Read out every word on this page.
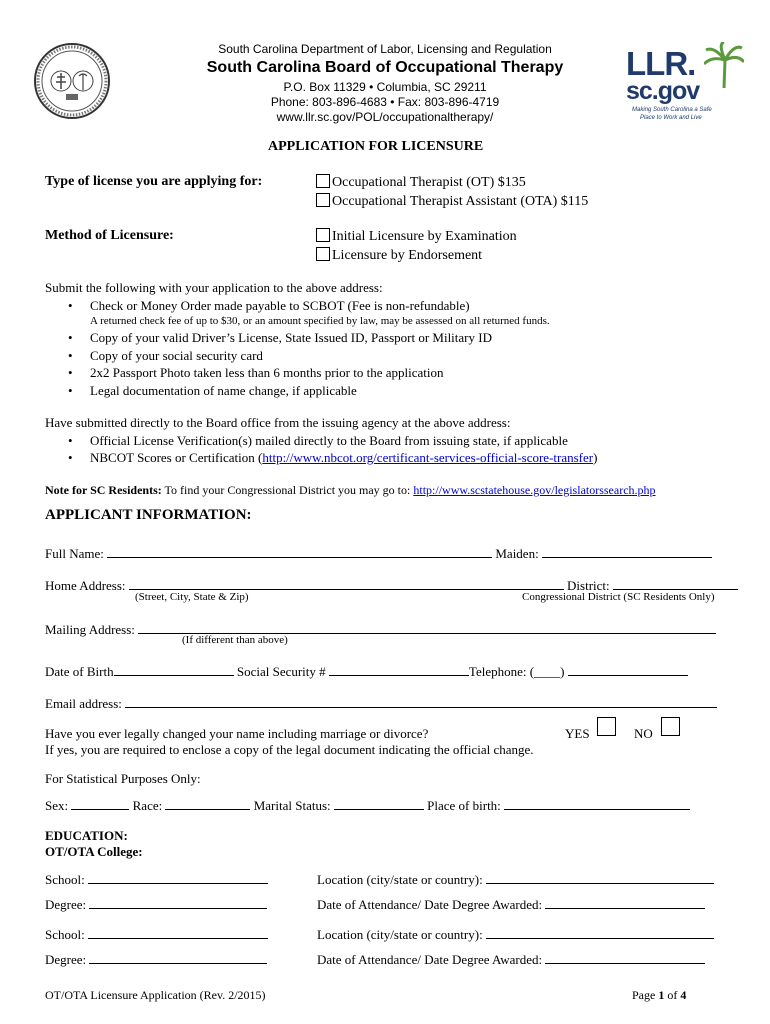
South Carolina Department of Labor, Licensing and Regulation
South Carolina Board of Occupational Therapy
P.O. Box 11329 • Columbia, SC 29211
Phone: 803-896-4683 • Fax: 803-896-4719
www.llr.sc.gov/POL/occupationaltherapy/
LLR.
sc.gov
Making South Carolina a Safe
Place to Work and Live
APPLICATION FOR LICENSURE
Type of license you are applying for:	Occupational Therapist (OT) $135
Occupational Therapist Assistant (OTA) $115
Method of Licensure:	Initial Licensure by Examination
Licensure by Endorsement
Submit the following with your application to the above address:
• Check or Money Order made payable to SCBOT (Fee is non-refundable)
A returned check fee of up to $30, or an amount specified by law, may be assessed on all returned funds.
• Copy of your valid Driver’s License, State Issued ID, Passport or Military ID
• Copy of your social security card
• 2x2 Passport Photo taken less than 6 months prior to the application
• Legal documentation of name change, if applicable
Have submitted directly to the Board office from the issuing agency at the above address:
• Official License Verification(s) mailed directly to the Board from issuing state, if applicable
• NBCOT Scores or Certification (http://www.nbcot.org/certificant-services-official-score-transfer)
Note for SC Residents: To find your Congressional District you may go to: http://www.scstatehouse.gov/legislatorssearch.php
APPLICANT INFORMATION:
Full Name:	Maiden:
Home Address:	District:
(Street, City, State & Zip)	Congressional District (SC Residents Only)
Mailing Address:
(If different than above)
Date of Birth	Social Security #	Telephone: (____)
Email address:
Have you ever legally changed your name including marriage or divorce?
If yes, you are required to enclose a copy of the legal document indicating the official change.
YES	NO
For Statistical Purposes Only:
Sex:	Race:	Marital Status:	Place of birth:
EDUCATION:
OT/OTA College:
School:	Location (city/state or country):
Degree:	Date of Attendance/ Date Degree Awarded:
School:	Location (city/state or country):
Degree:	Date of Attendance/ Date Degree Awarded:
OT/OTA Licensure Application (Rev. 2/2015)	Page 1 of 4
